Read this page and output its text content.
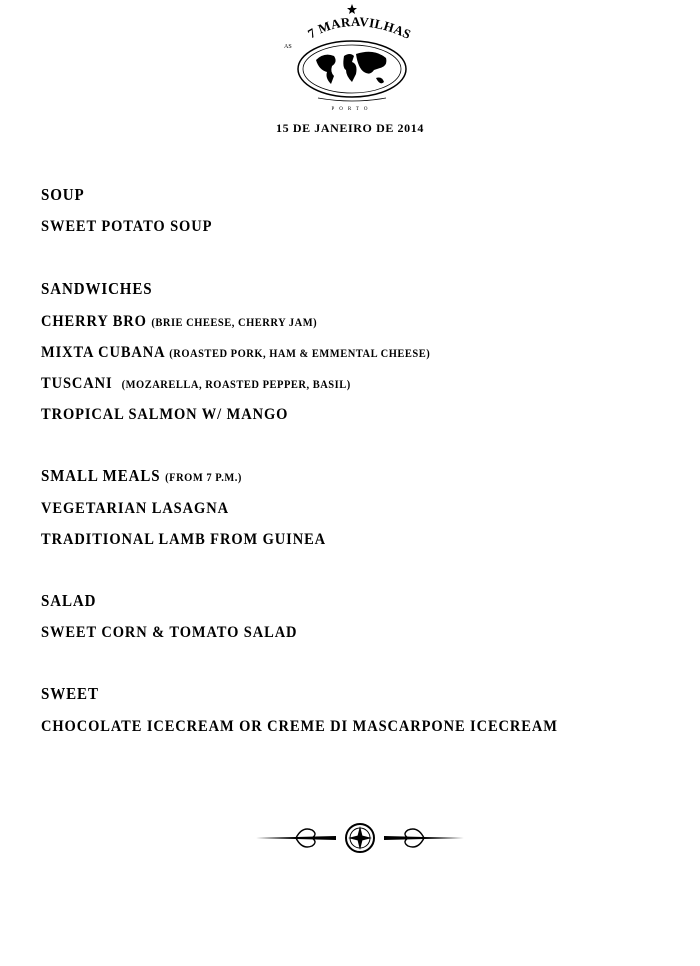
7 MARAVILHAS
AS
PORTO
15 DE JANEIRO DE 2014
SOUP
SWEET POTATO SOUP
SANDWICHES
CHERRY BRO (BRIE CHEESE, CHERRY JAM)
MIXTA CUBANA (ROASTED PORK, HAM & EMMENTAL CHEESE)
TUSCANI (MOZARELLA, ROASTED PEPPER, BASIL)
TROPICAL SALMON W/ MANGO
SMALL MEALS (FROM 7 P.M.)
VEGETARIAN LASAGNA
TRADITIONAL LAMB FROM GUINEA
SALAD
SWEET CORN & TOMATO SALAD
SWEET
CHOCOLATE ICECREAM OR CREME DI MASCARPONE ICECREAM
